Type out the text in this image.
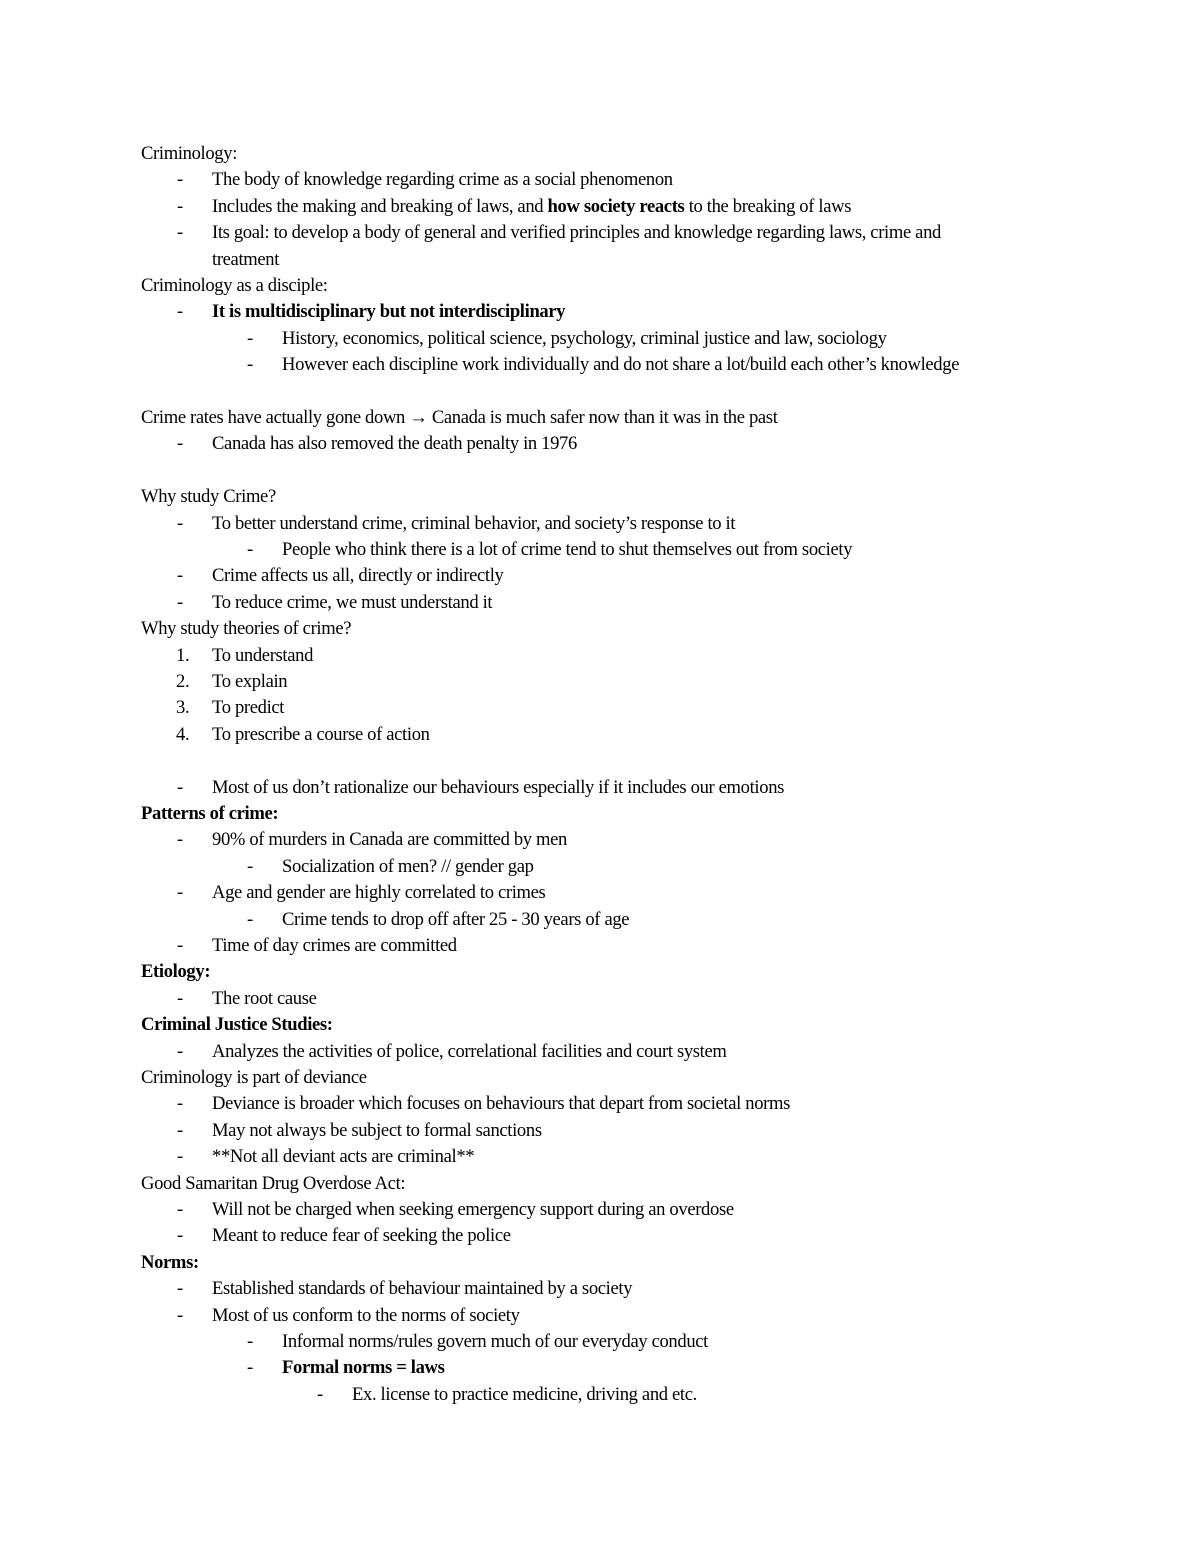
Criminology:
- The body of knowledge regarding crime as a social phenomenon
- Includes the making and breaking of laws, and how society reacts to the breaking of laws
- Its goal: to develop a body of general and verified principles and knowledge regarding laws, crime and
treatment
Criminology as a disciple:
- It is multidisciplinary but not interdisciplinary
- History, economics, political science, psychology, criminal justice and law, sociology
- However each discipline work individually and do not share a lot/build each other’s knowledge
Crime rates have actually gone down → Canada is much safer now than it was in the past
- Canada has also removed the death penalty in 1976
Why study Crime?
- To better understand crime, criminal behavior, and society’s response to it
- People who think there is a lot of crime tend to shut themselves out from society
- Crime affects us all, directly or indirectly
- To reduce crime, we must understand it
Why study theories of crime?
1. To understand
2. To explain
3. To predict
4. To prescribe a course of action
- Most of us don’t rationalize our behaviours especially if it includes our emotions
Patterns of crime:
- 90% of murders in Canada are committed by men
- Socialization of men? // gender gap
- Age and gender are highly correlated to crimes
- Crime tends to drop off after 25 - 30 years of age
- Time of day crimes are committed
Etiology:
- The root cause
Criminal Justice Studies:
- Analyzes the activities of police, correlational facilities and court system
Criminology is part of deviance
- Deviance is broader which focuses on behaviours that depart from societal norms
- May not always be subject to formal sanctions
- **Not all deviant acts are criminal**
Good Samaritan Drug Overdose Act:
- Will not be charged when seeking emergency support during an overdose
- Meant to reduce fear of seeking the police
Norms:
- Established standards of behaviour maintained by a society
- Most of us conform to the norms of society
- Informal norms/rules govern much of our everyday conduct
- Formal norms = laws
- Ex. license to practice medicine, driving and etc.
